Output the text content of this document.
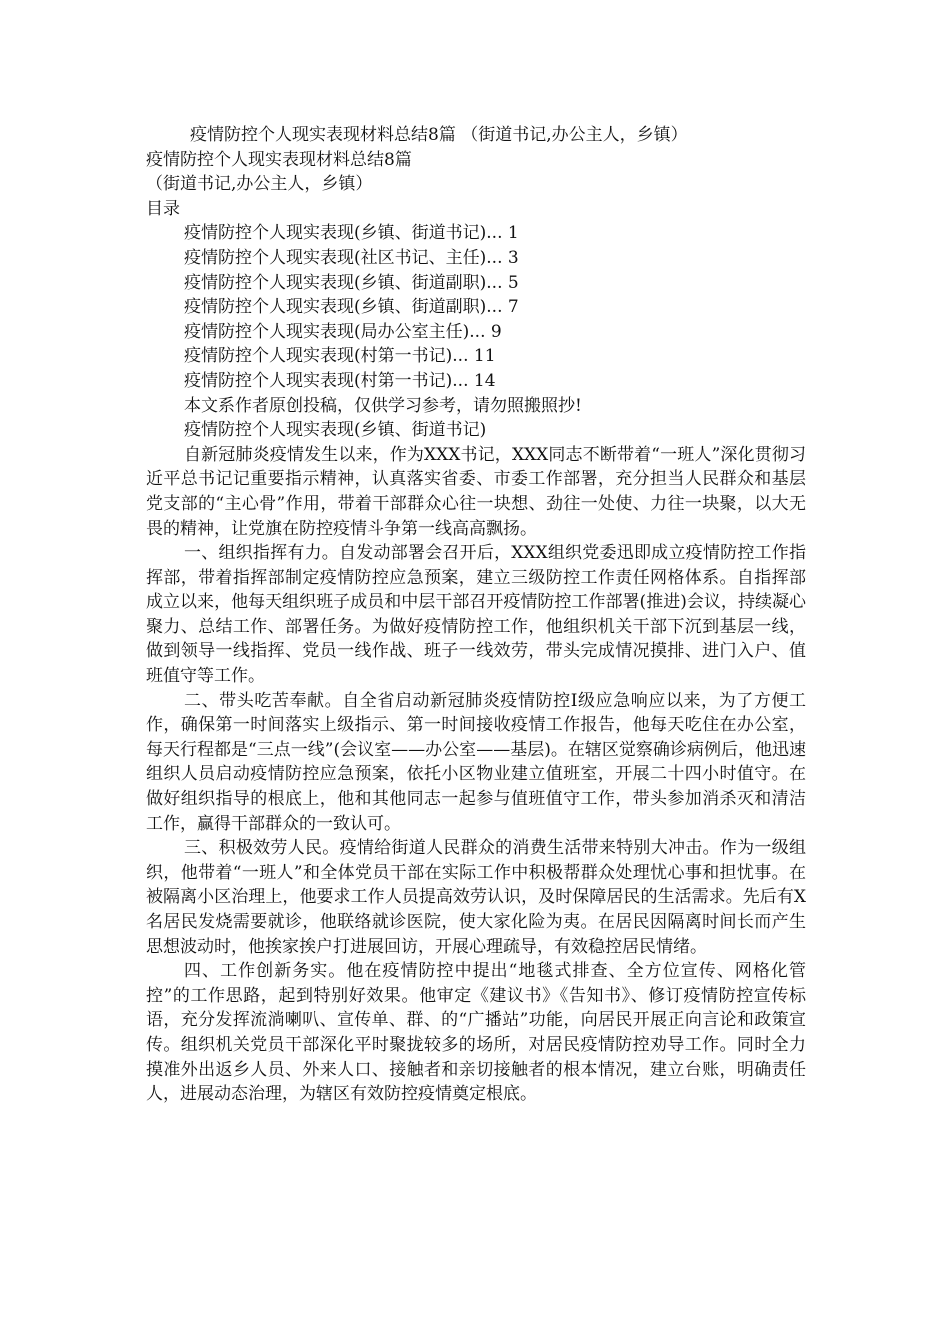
疫情防控个人现实表现材料总结8篇 （街道书记,办公主人，乡镇）

疫情防控个人现实表现材料总结8篇

（街道书记,办公主人，乡镇）

目录

疫情防控个人现实表现(乡镇、街道书记)... 1

疫情防控个人现实表现(社区书记、主任)... 3

疫情防控个人现实表现(乡镇、街道副职)... 5

疫情防控个人现实表现(乡镇、街道副职)... 7

疫情防控个人现实表现(局办公室主任)... 9

疫情防控个人现实表现(村第一书记)... 11

疫情防控个人现实表现(村第一书记)... 14

本文系作者原创投稿，仅供学习参考，请勿照搬照抄!

疫情防控个人现实表现(乡镇、街道书记)

自新冠肺炎疫情发生以来，作为XXX书记，XXX同志不断带着“一班人”深化贯彻习近平总书记记重要指示精神，认真落实省委、市委工作部署，充分担当人民群众和基层党支部的“主心骨”作用，带着干部群众心往一块想、劲往一处使、力往一块聚，以大无畏的精神，让党旗在防控疫情斗争第一线高高飘扬。

一、组织指挥有力。自发动部署会召开后，XXX组织党委迅即成立疫情防控工作指挥部，带着指挥部制定疫情防控应急预案，建立三级防控工作责任网格体系。自指挥部成立以来，他每天组织班子成员和中层干部召开疫情防控工作部署(推进)会议，持续凝心聚力、总结工作、部署任务。为做好疫情防控工作，他组织机关干部下沉到基层一线，做到领导一线指挥、党员一线作战、班子一线效劳，带头完成情况摸排、进门入户、值班值守等工作。

二、带头吃苦奉献。自全省启动新冠肺炎疫情防控Ⅰ级应急响应以来，为了方便工作，确保第一时间落实上级指示、第一时间接收疫情工作报告，他每天吃住在办公室，每天行程都是“三点一线”(会议室——办公室——基层)。在辖区觉察确诊病例后，他迅速组织人员启动疫情防控应急预案，依托小区物业建立值班室，开展二十四小时值守。在做好组织指导的根底上，他和其他同志一起参与值班值守工作，带头参加消杀灭和清洁工作，赢得干部群众的一致认可。

三、积极效劳人民。疫情给街道人民群众的消费生活带来特别大冲击。作为一级组织，他带着“一班人”和全体党员干部在实际工作中积极帮群众处理忧心事和担忧事。在被隔离小区治理上，他要求工作人员提高效劳认识，及时保障居民的生活需求。先后有X名居民发烧需要就诊，他联络就诊医院，使大家化险为夷。在居民因隔离时间长而产生思想波动时，他挨家挨户打进展回访，开展心理疏导，有效稳控居民情绪。

四、工作创新务实。他在疫情防控中提出“地毯式排查、全方位宣传、网格化管控”的工作思路，起到特别好效果。他审定《建议书》《告知书》、修订疫情防控宣传标语，充分发挥流淌喇叭、宣传单、群、的“广播站”功能，向居民开展正向言论和政策宣传。组织机关党员干部深化平时聚拢较多的场所，对居民疫情防控劝导工作。同时全力摸准外出返乡人员、外来人口、接触者和亲切接触者的根本情况，建立台账，明确责任人，进展动态治理，为辖区有效防控疫情奠定根底。
